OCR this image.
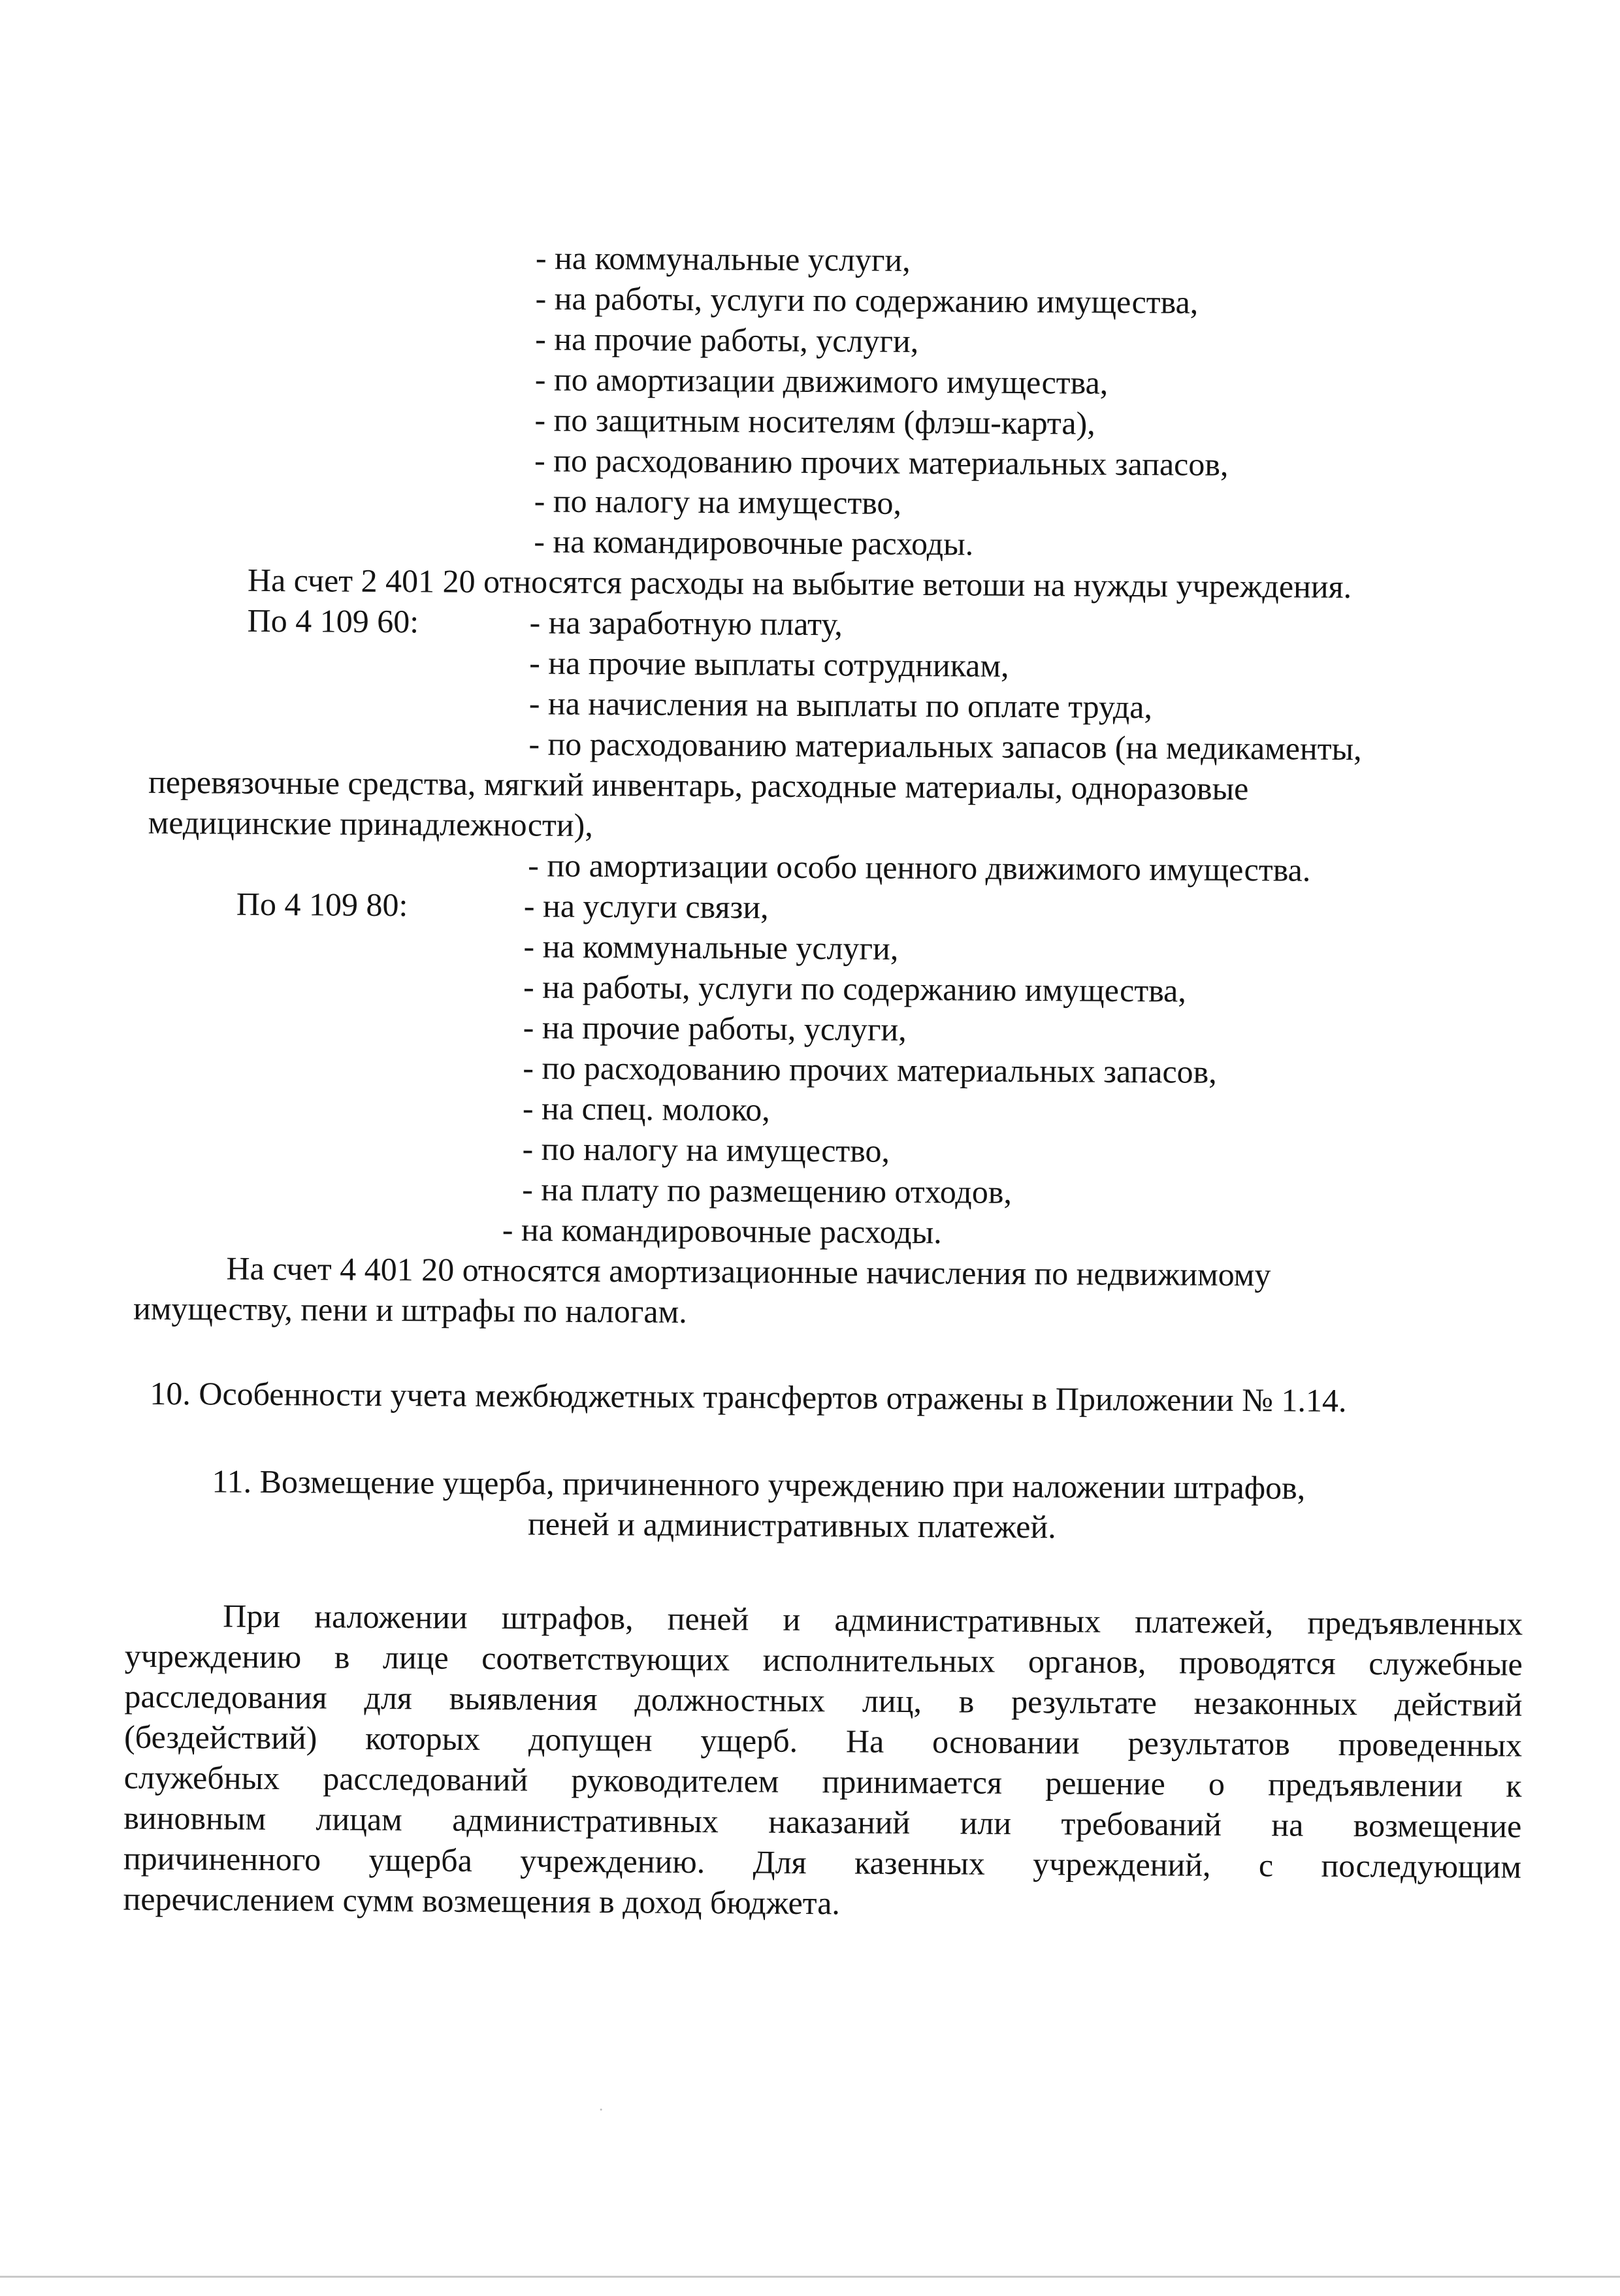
- на коммунальные услуги,
- на работы, услуги по содержанию имущества,
- на прочие работы, услуги,
- по амортизации движимого имущества,
- по защитным носителям (флэш-карта),
- по расходованию прочих материальных запасов,
- по налогу на имущество,
- на командировочные расходы.
На счет 2 401 20 относятся расходы на выбытие ветоши на нужды учреждения.
По 4 109 60:	- на заработную плату,
- на прочие выплаты сотрудникам,
- на начисления на выплаты по оплате труда,
- по расходованию материальных запасов (на медикаменты,
перевязочные средства, мягкий инвентарь, расходные материалы, одноразовые
медицинские принадлежности),
- по амортизации особо ценного движимого имущества.
По 4 109 80:	- на услуги связи,
- на коммунальные услуги,
- на работы, услуги по содержанию имущества,
- на прочие работы, услуги,
- по расходованию прочих материальных запасов,
- на спец. молоко,
- по налогу на имущество,
- на плату по размещению отходов,
- на командировочные расходы.
На счет 4 401 20 относятся амортизационные начисления по недвижимому
имуществу, пени и штрафы по налогам.
10. Особенности учета межбюджетных трансфертов отражены в Приложении № 1.14.
11. Возмещение ущерба, причиненного учреждению при наложении штрафов,
пеней и административных платежей.
При наложении штрафов, пеней и административных платежей, предъявленных
учреждению в лице соответствующих исполнительных органов, проводятся служебные
расследования для выявления должностных лиц, в результате незаконных действий
(бездействий) которых допущен ущерб. На основании результатов проведенных
служебных расследований руководителем принимается решение о предъявлении к
виновным лицам административных наказаний или требований на возмещение
причиненного ущерба учреждению. Для казенных учреждений, с последующим
перечислением сумм возмещения в доход бюджета.
